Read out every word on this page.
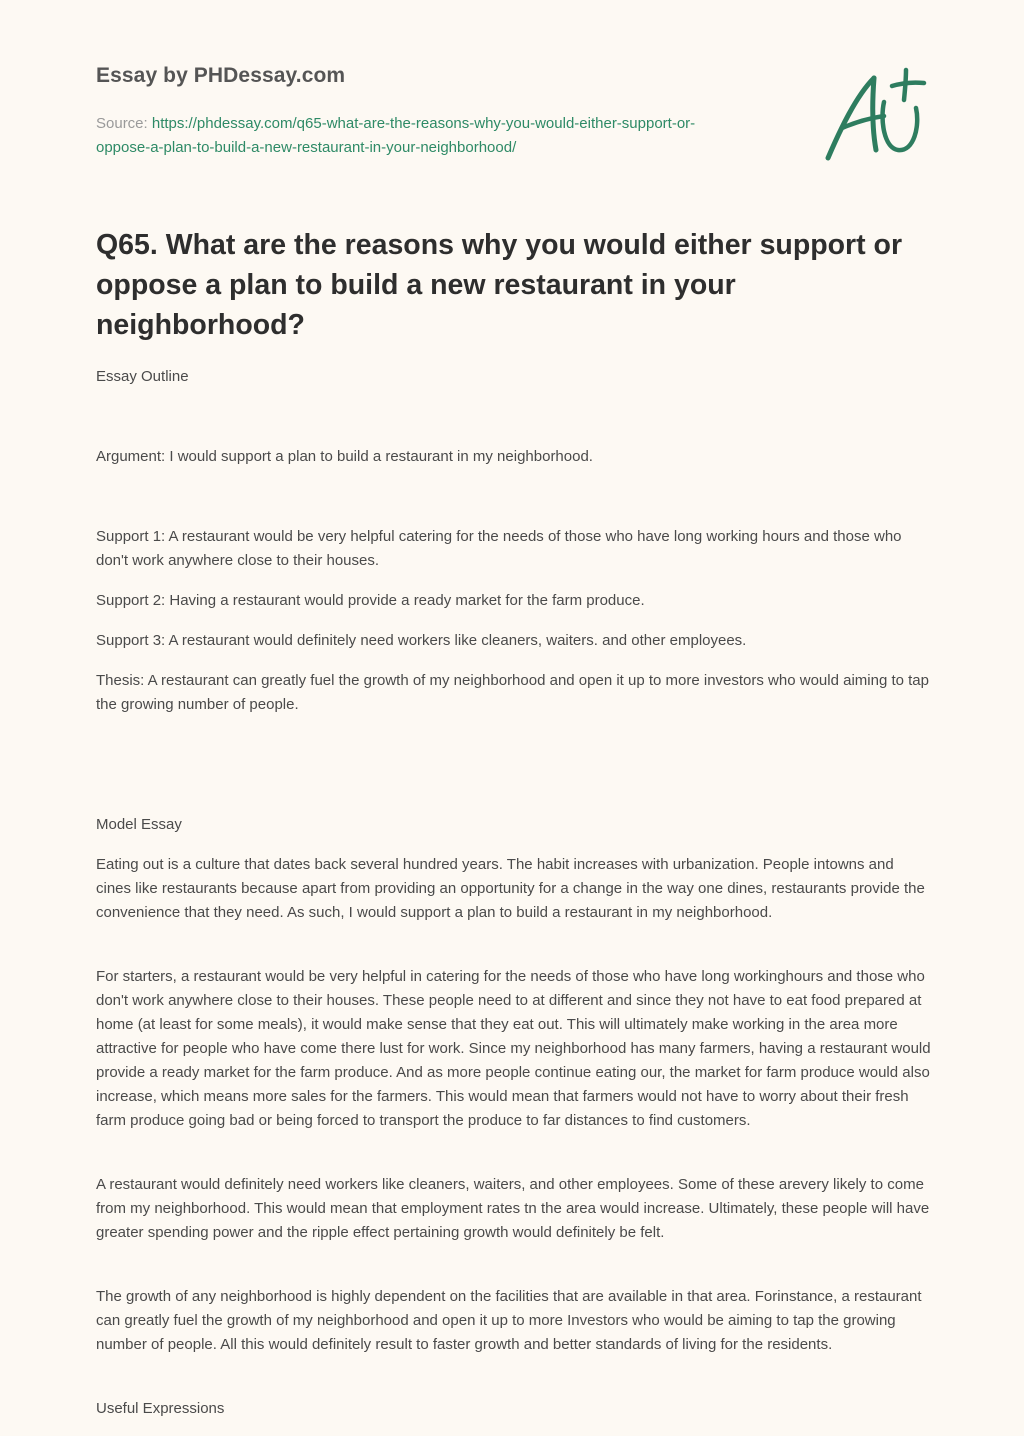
Essay by PHDessay.com
Source: https://phdessay.com/q65-what-are-the-reasons-why-you-would-either-support-or-oppose-a-plan-to-build-a-new-restaurant-in-your-neighborhood/
Q65. What are the reasons why you would either support or oppose a plan to build a new restaurant in your neighborhood?

Essay Outline

Argument: I would support a plan to build a restaurant in my neighborhood.

Support 1: A restaurant would be very helpful catering for the needs of those who have long working hours and those who don't work anywhere close to their houses.

Support 2: Having a restaurant would provide a ready market for the farm produce.

Support 3: A restaurant would definitely need workers like cleaners, waiters. and other employees.

Thesis: A restaurant can greatly fuel the growth of my neighborhood and open it up to more investors who would aiming to tap the growing number of people.

Model Essay

Eating out is a culture that dates back several hundred years. The habit increases with urbanization. People intowns and cines like restaurants because apart from providing an opportunity for a change in the way one dines, restaurants provide the convenience that they need. As such, I would support a plan to build a restaurant in my neighborhood.

For starters, a restaurant would be very helpful in catering for the needs of those who have long workinghours and those who don't work anywhere close to their houses. These people need to at different and since they not have to eat food prepared at home (at least for some meals), it would make sense that they eat out. This will ultimately make working in the area more attractive for people who have come there lust for work. Since my neighborhood has many farmers, having a restaurant would provide a ready market for the farm produce. And as more people continue eating our, the market for farm produce would also increase, which means more sales for the farmers. This would mean that farmers would not have to worry about their fresh farm produce going bad or being forced to transport the produce to far distances to find customers.

A restaurant would definitely need workers like cleaners, waiters, and other employees. Some of these arevery likely to come from my neighborhood. This would mean that employment rates tn the area would increase. Ultimately, these people will have greater spending power and the ripple effect pertaining growth would definitely be felt.

The growth of any neighborhood is highly dependent on the facilities that are available in that area. Forinstance, a restaurant can greatly fuel the growth of my neighborhood and open it up to more Investors who would be aiming to tap the growing number of people. All this would definitely result to faster growth and better standards of living for the residents.

Useful Expressions
